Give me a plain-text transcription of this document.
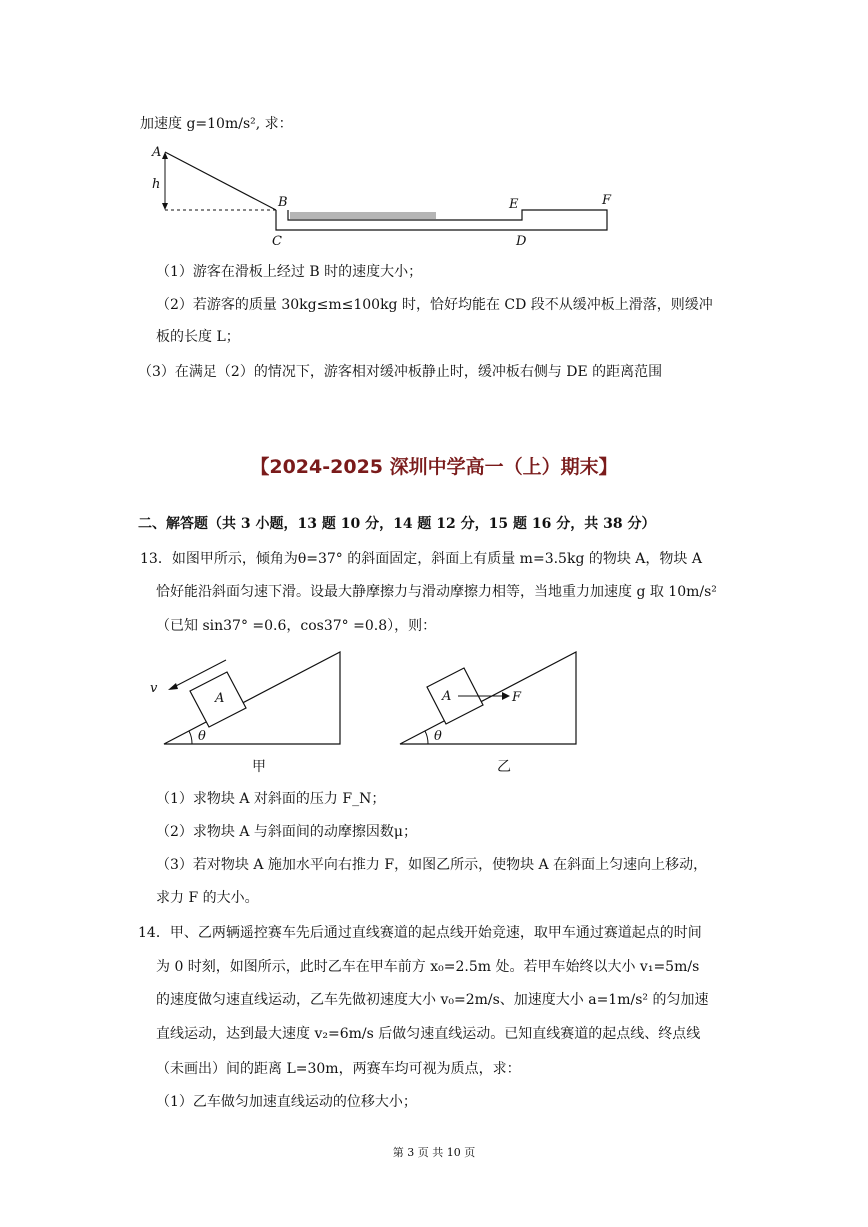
加速度 g=10m/s², 求：
A
h
B
C
E
D
F
（1）游客在滑板上经过 B 时的速度大小；
（2）若游客的质量 30kg≤m≤100kg 时，恰好均能在 CD 段不从缓冲板上滑落，则缓冲
板的长度 L；
（3）在满足（2）的情况下，游客相对缓冲板静止时，缓冲板右侧与 DE 的距离范围
【2024-2025 深圳中学高一（上）期末】
二、解答题（共 3 小题，13 题 10 分，14 题 12 分，15 题 16 分，共 38 分）
13．如图甲所示，倾角为θ=37° 的斜面固定，斜面上有质量 m=3.5kg 的物块 A，物块 A
恰好能沿斜面匀速下滑。设最大静摩擦力与滑动摩擦力相等，当地重力加速度 g 取 10m/s²
（已知 sin37° =0.6，cos37° =0.8），则：
v
A
θ
甲
A	F
θ
乙
（1）求物块 A 对斜面的压力 F_N；
（2）求物块 A 与斜面间的动摩擦因数μ；
（3）若对物块 A 施加水平向右推力 F，如图乙所示，使物块 A 在斜面上匀速向上移动，
求力 F 的大小。
14．甲、乙两辆遥控赛车先后通过直线赛道的起点线开始竞速，取甲车通过赛道起点的时间
为 0 时刻，如图所示，此时乙车在甲车前方 x₀=2.5m 处。若甲车始终以大小 v₁=5m/s
的速度做匀速直线运动，乙车先做初速度大小 v₀=2m/s、加速度大小 a=1m/s² 的匀加速
直线运动，达到最大速度 v₂=6m/s 后做匀速直线运动。已知直线赛道的起点线、终点线
（未画出）间的距离 L=30m，两赛车均可视为质点，求：
（1）乙车做匀加速直线运动的位移大小；
第 3 页 共 10 页
